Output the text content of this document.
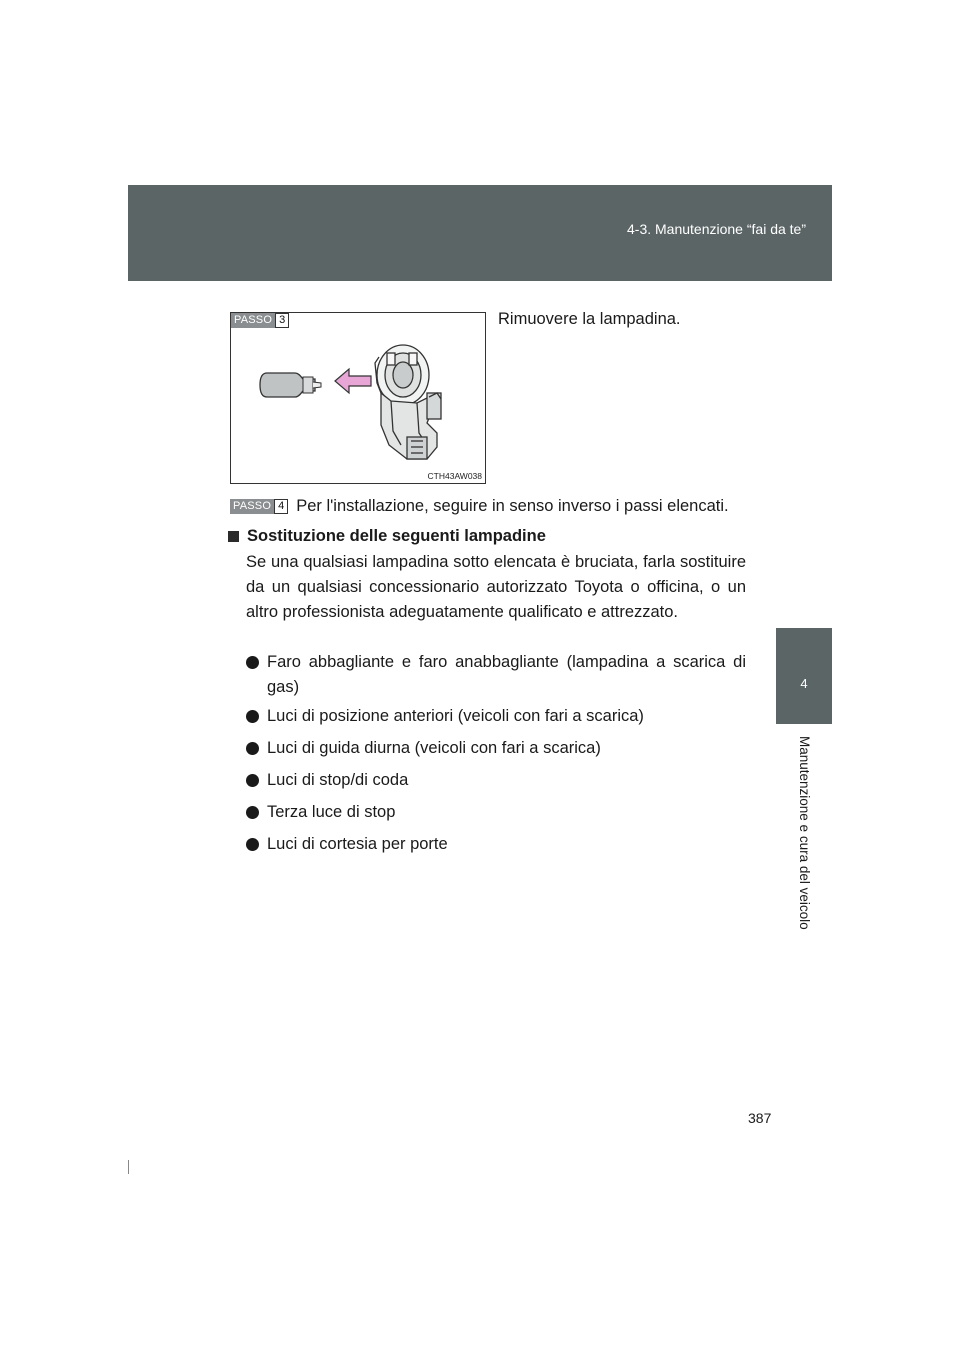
4-3. Manutenzione “fai da te”
4
Manutenzione e cura del veicolo
PASSO 3
CTH43AW038
Rimuovere la lampadina.
PASSO 4 Per l'installazione, seguire in senso inverso i passi elencati.
Sostituzione delle seguenti lampadine
Se una qualsiasi lampadina sotto elencata è bruciata, farla sostituire da un qualsiasi concessionario autorizzato Toyota o officina, o un altro professionista adeguatamente qualificato e attrezzato.
Faro abbagliante e faro anabbagliante (lampadina a scarica di gas)
Luci di posizione anteriori (veicoli con fari a scarica)
Luci di guida diurna (veicoli con fari a scarica)
Luci di stop/di coda
Terza luce di stop
Luci di cortesia per porte
387
